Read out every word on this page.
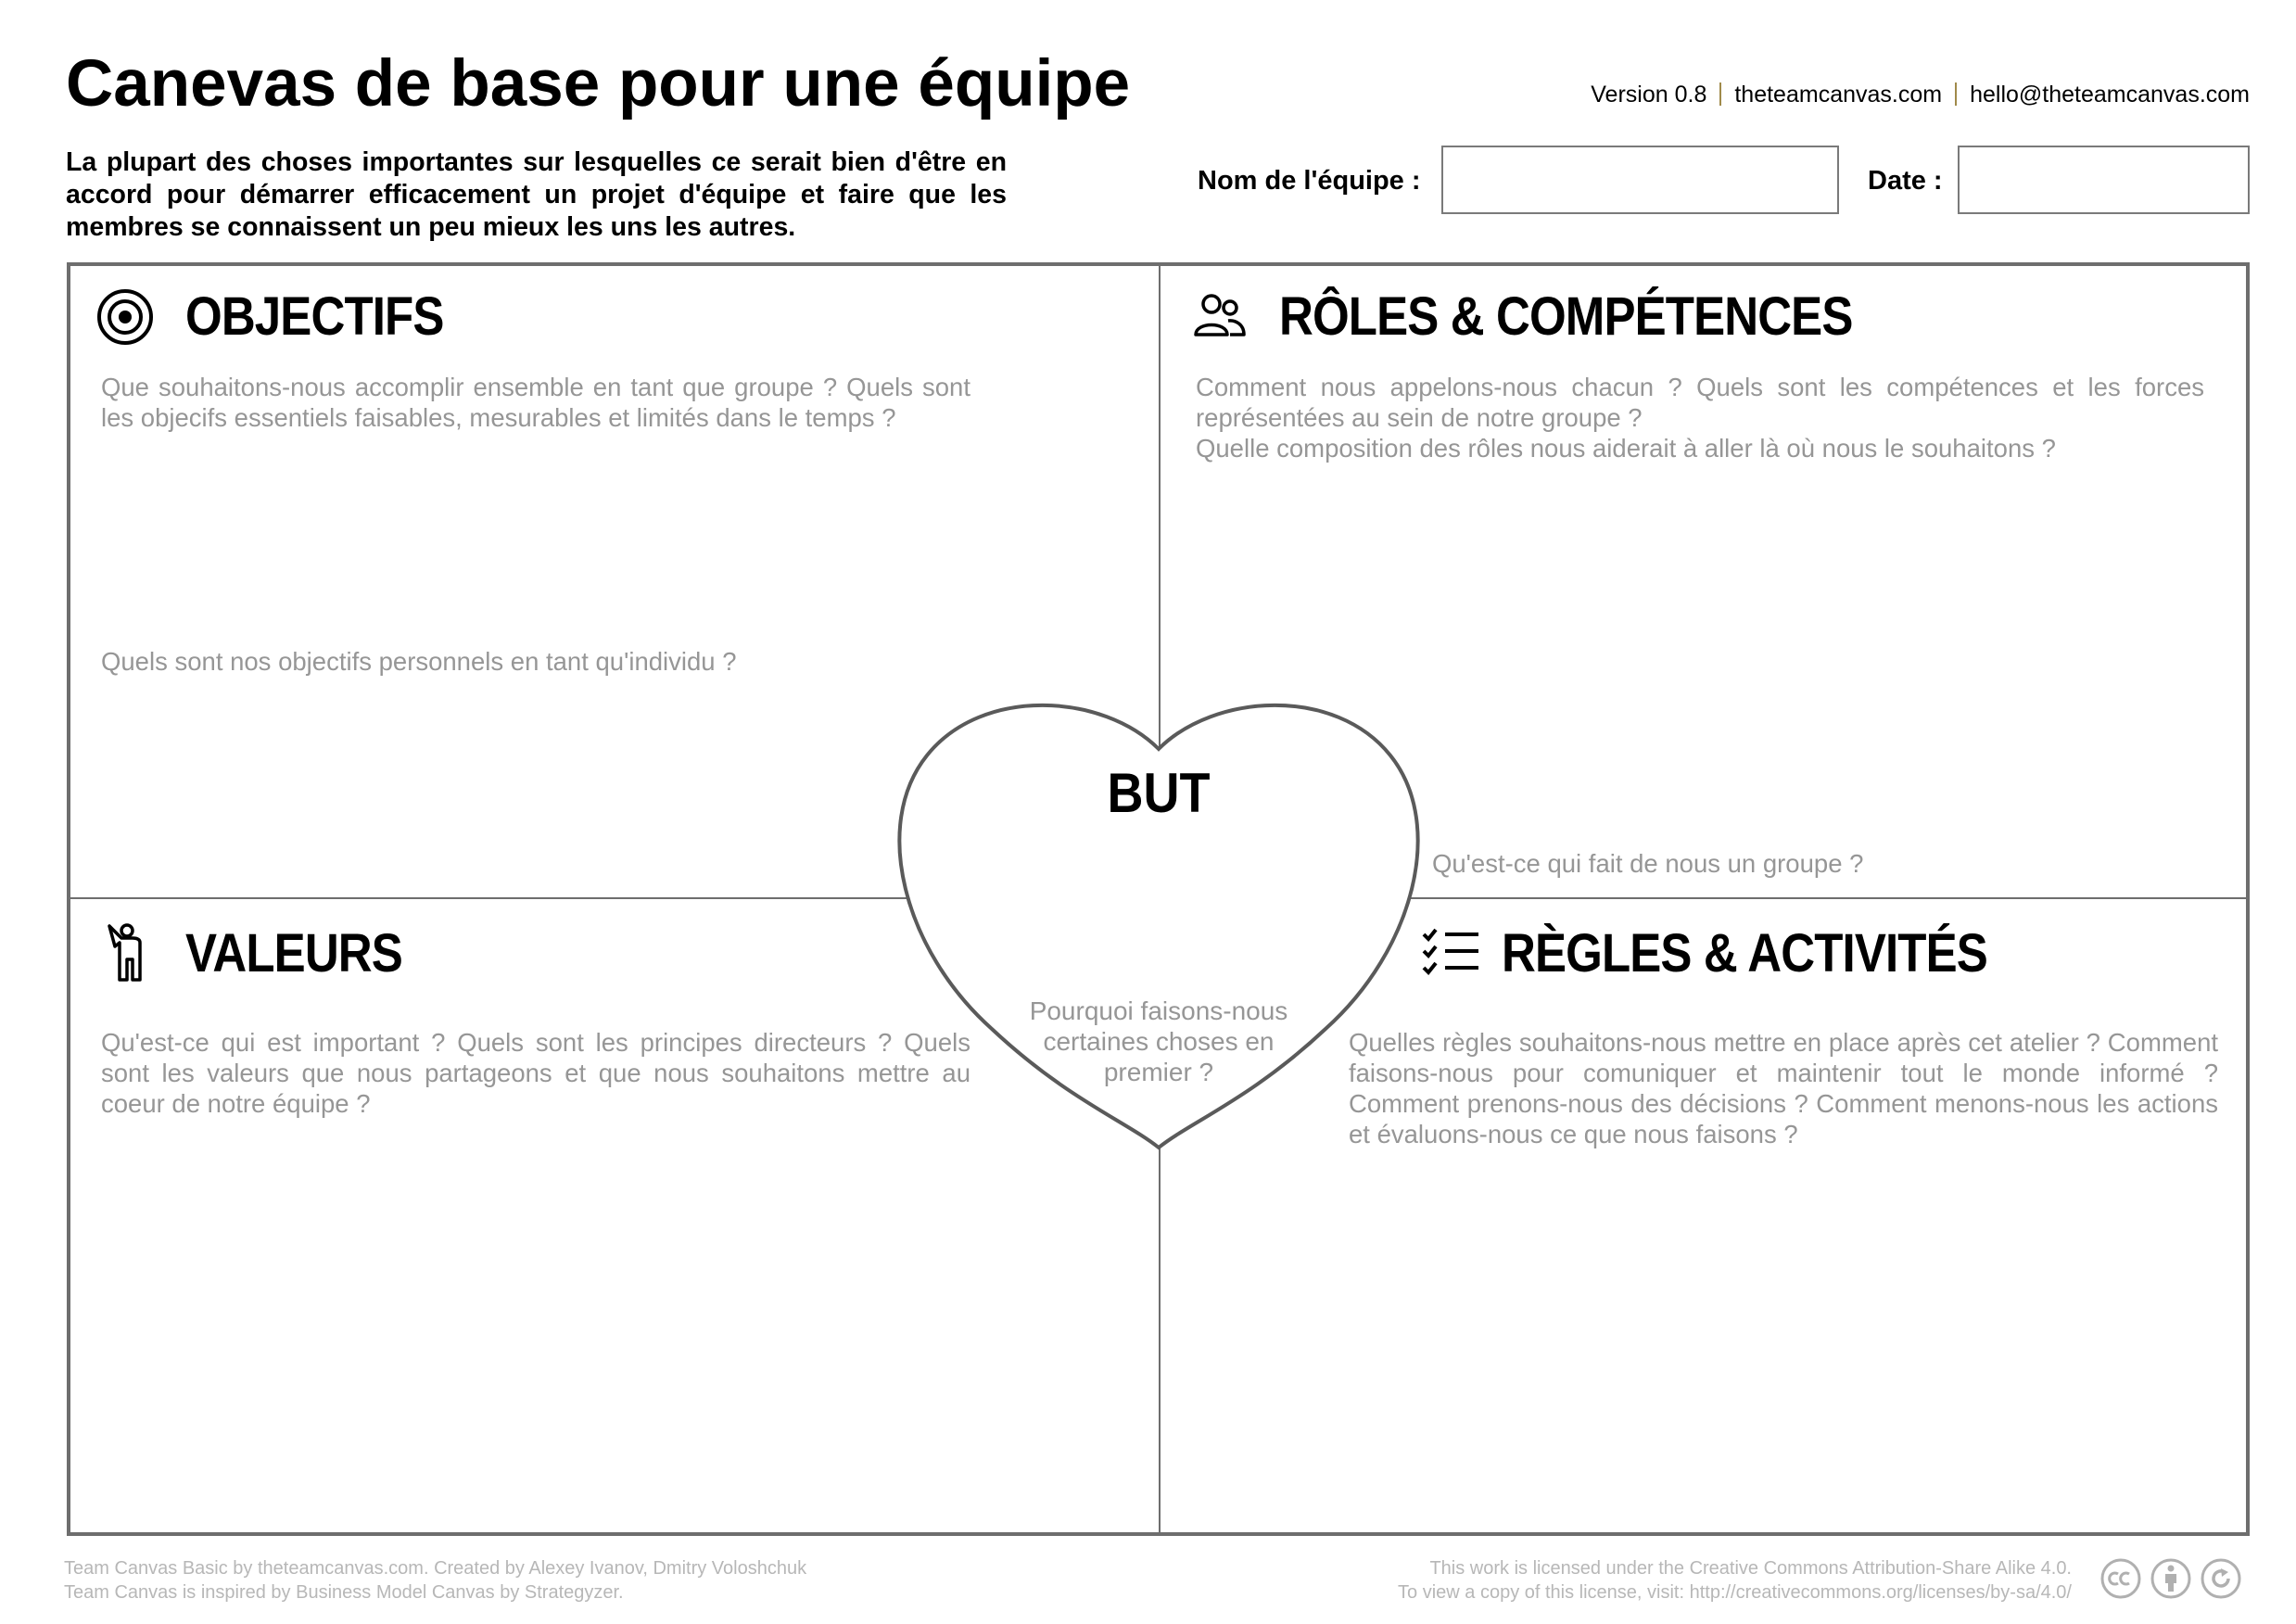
Canevas de base pour une équipe	Version 0.8 theteamcanvas.com hello@theteamcanvas.com

La plupart des choses importantes sur lesquelles ce serait bien d'être en accord pour démarrer efficacement un projet d'équipe et faire que les membres se connaissent un peu mieux les uns les autres.

Nom de l'équipe :	Date :
OBJECTIFS

Que souhaitons-nous accomplir ensemble en tant que groupe ? Quels sont les objecifs essentiels faisables, mesurables et limités dans le temps ?

Quels sont nos objectifs personnels en tant qu'individu ?

RÔLES & COMPÉTENCES

Comment nous appelons-nous chacun ? Quels sont les compétences et les forces représentées au sein de notre groupe ?

Quelle composition des rôles nous aiderait à aller là où nous le souhaitons ?

Qu'est-ce qui fait de nous un groupe ?

VALEURS

Qu'est-ce qui est important ? Quels sont les principes directeurs ? Quels sont les valeurs que nous partageons et que nous souhaitons mettre au coeur de notre équipe ?

RÈGLES & ACTIVITÉS

Quelles règles souhaitons-nous mettre en place après cet atelier ? Comment faisons-nous pour comuniquer et maintenir tout le monde informé ? Comment prenons-nous des décisions ? Comment menons-nous les actions et évaluons-nous ce que nous faisons ?

BUT

Pourquoi faisons-nous certaines choses en premier ?

Team Canvas Basic by theteamcanvas.com. Created by Alexey Ivanov, Dmitry Voloshchuk
Team Canvas is inspired by Business Model Canvas by Strategyzer.
This work is licensed under the Creative Commons Attribution-Share Alike 4.0.
To view a copy of this license, visit: http://creativecommons.org/licenses/by-sa/4.0/
